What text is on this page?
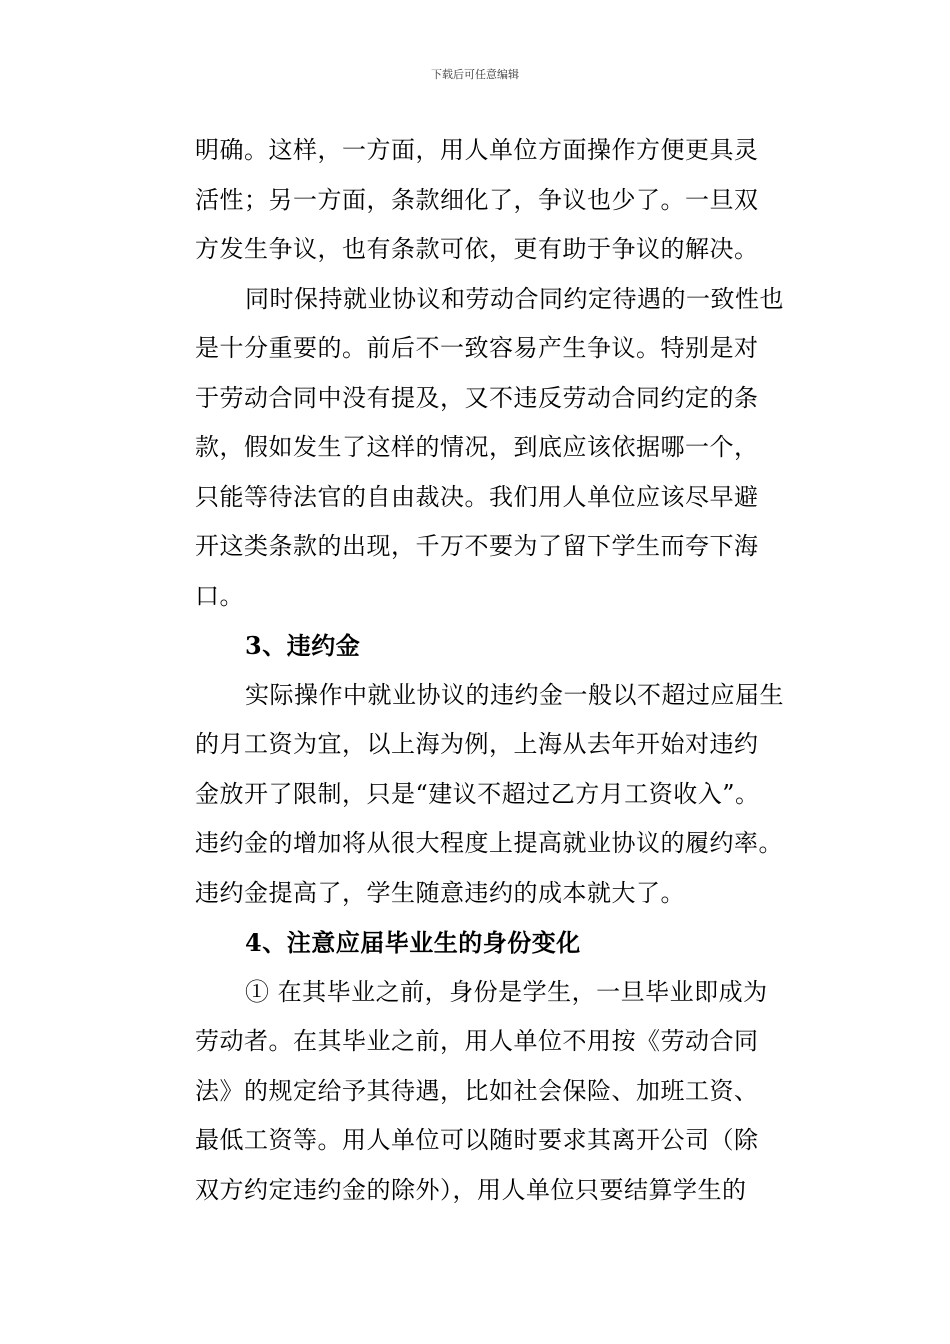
下载后可任意编辑
明确。这样，一方面，用人单位方面操作方便更具灵
活性；另一方面，条款细化了，争议也少了。一旦双
方发生争议，也有条款可依，更有助于争议的解决。
同时保持就业协议和劳动合同约定待遇的一致性也
是十分重要的。前后不一致容易产生争议。特别是对
于劳动合同中没有提及，又不违反劳动合同约定的条
款，假如发生了这样的情况，到底应该依据哪一个，
只能等待法官的自由裁决。我们用人单位应该尽早避
开这类条款的出现，千万不要为了留下学生而夸下海
口。
3、违约金
实际操作中就业协议的违约金一般以不超过应届生
的月工资为宜，以上海为例，上海从去年开始对违约
金放开了限制，只是“建议不超过乙方月工资收入”。
违约金的增加将从很大程度上提高就业协议的履约率。
违约金提高了，学生随意违约的成本就大了。
4、注意应届毕业生的身份变化
① 在其毕业之前，身份是学生，一旦毕业即成为
劳动者。在其毕业之前，用人单位不用按《劳动合同
法》的规定给予其待遇，比如社会保险、加班工资、
最低工资等。用人单位可以随时要求其离开公司（除
双方约定违约金的除外），用人单位只要结算学生的
